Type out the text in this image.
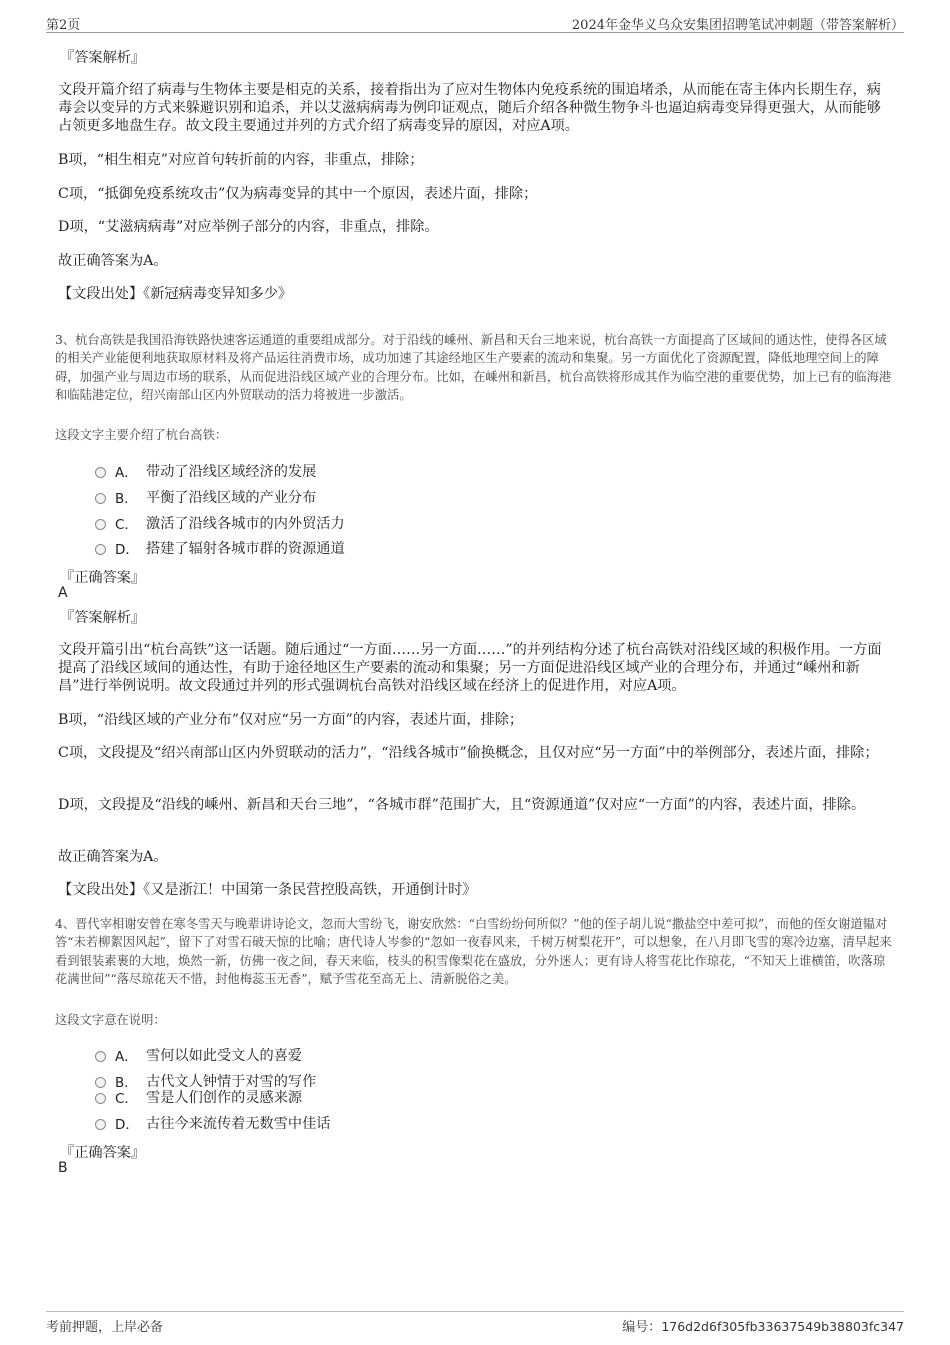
第2页	2024年金华义乌众安集团招聘笔试冲刺题（带答案解析）
『答案解析』
文段开篇介绍了病毒与生物体主要是相克的关系，接着指出为了应对生物体内免疫系统的围追堵杀，从而能在寄主体内长期生存，病毒会以变异的方式来躲避识别和追杀，并以艾滋病病毒为例印证观点，随后介绍各种微生物争斗也逼迫病毒变异得更强大，从而能够占领更多地盘生存。故文段主要通过并列的方式介绍了病毒变异的原因，对应A项。
B项，“相生相克”对应首句转折前的内容，非重点，排除；
C项，“抵御免疫系统攻击”仅为病毒变异的其中一个原因，表述片面，排除；
D项，“艾滋病病毒”对应举例子部分的内容，非重点，排除。
故正确答案为A。
【文段出处】《新冠病毒变异知多少》
3、杭台高铁是我国沿海铁路快速客运通道的重要组成部分。对于沿线的嵊州、新昌和天台三地来说，杭台高铁一方面提高了区域间的通达性，使得各区域的相关产业能便利地获取原材料及将产品运往消费市场，成功加速了其途经地区生产要素的流动和集聚。另一方面优化了资源配置，降低地理空间上的障碍，加强产业与周边市场的联系，从而促进沿线区域产业的合理分布。比如，在嵊州和新昌，杭台高铁将形成其作为临空港的重要优势，加上已有的临海港和临陆港定位，绍兴南部山区内外贸联动的活力将被进一步激活。
这段文字主要介绍了杭台高铁：
A． 带动了沿线区域经济的发展
B． 平衡了沿线区域的产业分布
C． 激活了沿线各城市的内外贸活力
D． 搭建了辐射各城市群的资源通道
『正确答案』
A
『答案解析』
文段开篇引出“杭台高铁”这一话题。随后通过“一方面……另一方面……”的并列结构分述了杭台高铁对沿线区域的积极作用。一方面提高了沿线区域间的通达性，有助于途径地区生产要素的流动和集聚；另一方面促进沿线区域产业的合理分布，并通过“嵊州和新昌”进行举例说明。故文段通过并列的形式强调杭台高铁对沿线区域在经济上的促进作用，对应A项。
B项，“沿线区域的产业分布”仅对应“另一方面”的内容，表述片面，排除；
C项，文段提及“绍兴南部山区内外贸联动的活力”，“沿线各城市”偷换概念，且仅对应“另一方面”中的举例部分，表述片面，排除；
D项，文段提及“沿线的嵊州、新昌和天台三地”，“各城市群”范围扩大，且“资源通道”仅对应“一方面”的内容，表述片面，排除。
故正确答案为A。
【文段出处】《又是浙江！中国第一条民营控股高铁，开通倒计时》
4、晋代宰相谢安曾在寒冬雪天与晚辈讲诗论文，忽而大雪纷飞，谢安欣然：“白雪纷纷何所似？”他的侄子胡儿说“撒盐空中差可拟”，而他的侄女谢道韫对答“未若柳絮因风起”，留下了对雪石破天惊的比喻；唐代诗人岑参的“忽如一夜春风来，千树万树梨花开”，可以想象，在八月即飞雪的寒冷边塞，清早起来看到银装素裹的大地，焕然一新，仿佛一夜之间，春天来临，枝头的积雪像梨花在盛放，分外迷人；更有诗人将雪花比作琼花，“不知天上谁横笛，吹落琼花满世间”“落尽琼花天不惜，封他梅蕊玉无香”，赋予雪花至高无上、清新脱俗之美。
这段文字意在说明：
A． 雪何以如此受文人的喜爱
B． 古代文人钟情于对雪的写作
C． 雪是人们创作的灵感来源
D． 古往今来流传着无数雪中佳话
『正确答案』
B
考前押题，上岸必备	编号：176d2d6f305fb33637549b38803fc347
